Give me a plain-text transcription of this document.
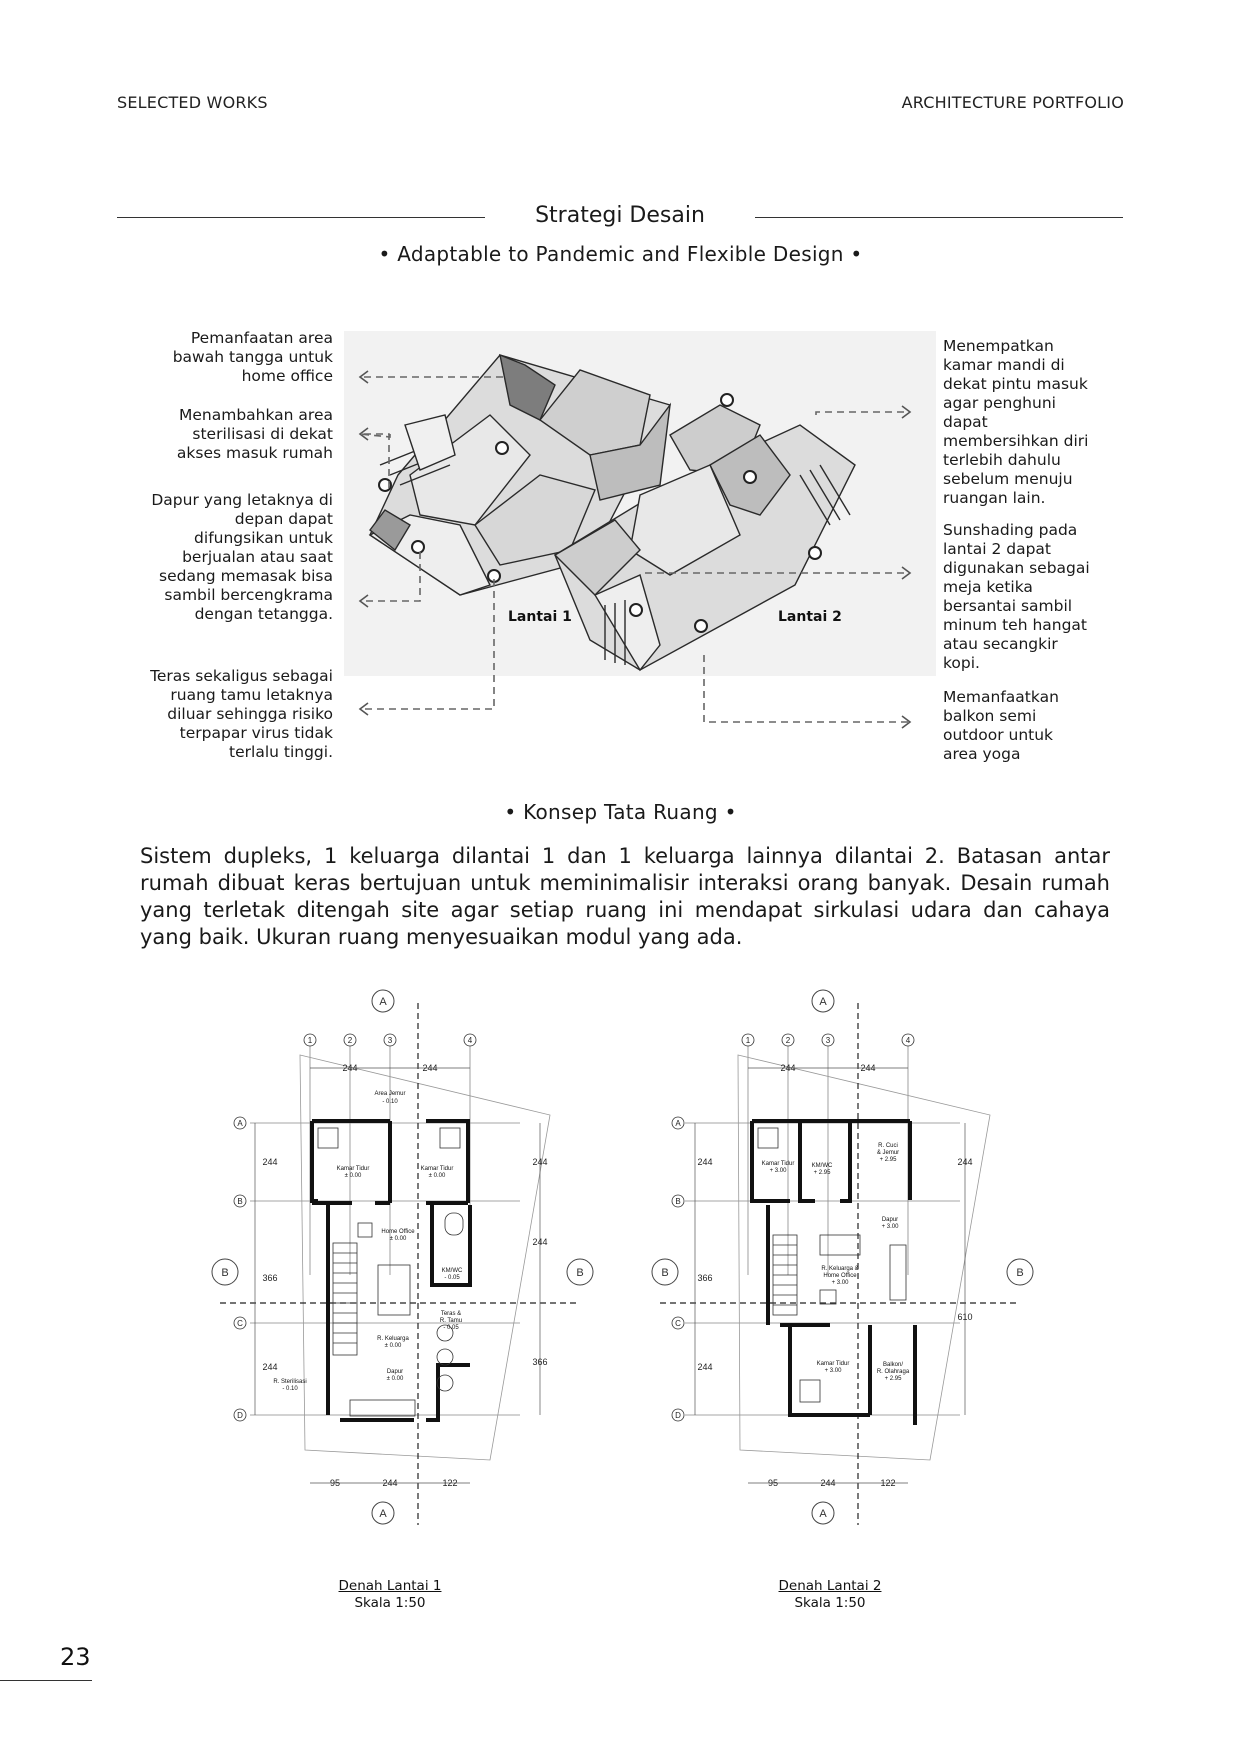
SELECTED WORKS	ARCHITECTURE PORTFOLIO
Strategi Desain
• Adaptable to Pandemic and Flexible Design •
Pemanfaatan area bawah tangga untuk home office
Menambahkan area sterilisasi di dekat akses masuk rumah
Dapur yang letaknya di depan dapat difungsikan untuk berjualan atau saat sedang memasak bisa sambil bercengkrama dengan tetangga.
Teras sekaligus sebagai ruang tamu letaknya diluar sehingga risiko terpapar virus tidak terlalu tinggi.
Menempatkan kamar mandi di dekat pintu masuk agar penghuni dapat membersihkan diri terlebih dahulu sebelum menuju ruangan lain.
Sunshading pada lantai 2 dapat digunakan sebagai meja ketika bersantai sambil minum teh hangat atau secangkir kopi.
Memanfaatkan balkon semi outdoor untuk area yoga
Lantai 1	Lantai 2
• Konsep Tata Ruang •
Sistem dupleks, 1 keluarga dilantai 1 dan 1 keluarga lainnya dilantai 2. Batasan antar rumah dibuat keras bertujuan untuk meminimalisir interaksi orang banyak. Desain rumah yang terletak ditengah site agar setiap ruang ini mendapat sirkulasi udara dan cahaya yang baik. Ukuran ruang menyesuaikan modul yang ada.
1	2	3	4
A
B
C
D
A
A
B	B
244	244
95	244	122
244
366
244
244
244
366
Area Jemur
- 0.10
Kamar Tidur
± 0.00
Kamar Tidur
± 0.00
Home Office
± 0.00
KM/WC
- 0.05
Teras &
R. Tamu
- 0.05
R. Keluarga
± 0.00
Dapur
± 0.00
R. Sterilisasi
- 0.10
Denah Lantai 1
Skala 1:50
1	2	3	4
A
B
C
D
A
A
B	B
244	244
95	244	122
244
366
244
244
610
Kamar Tidur
+ 3.00
KM/WC
+ 2.95
R. Cuci
& Jemur
+ 2.95
Dapur
+ 3.00
R. Keluarga &
Home Office
+ 3.00
Kamar Tidur
+ 3.00
Balkon/
R. Olahraga
+ 2.95
Denah Lantai 2
Skala 1:50
23
